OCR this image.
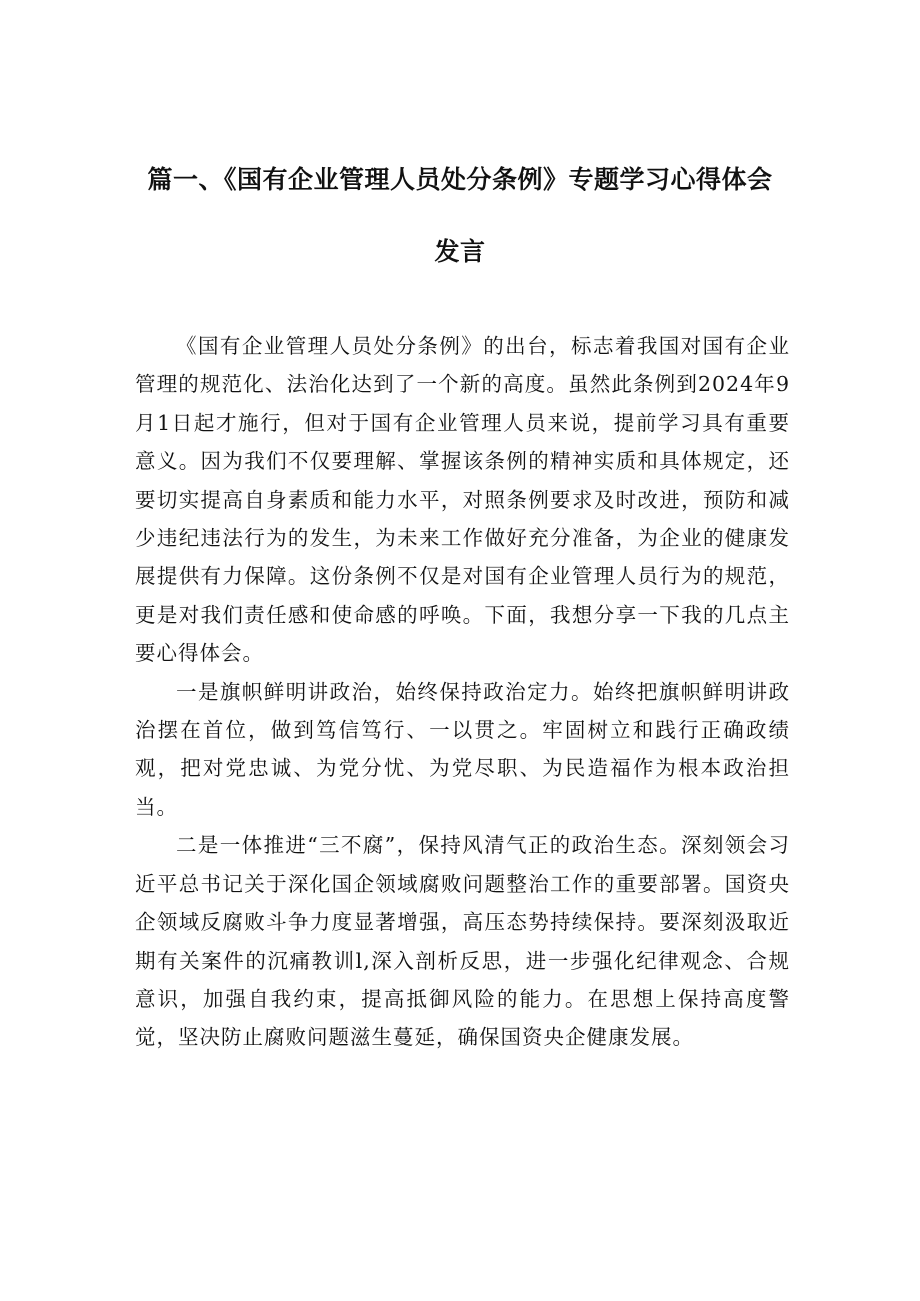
篇一、《国有企业管理人员处分条例》专题学习心得体会
发言

《国有企业管理人员处分条例》的出台，标志着我国对国有企业管理的规范化、法治化达到了一个新的高度。虽然此条例到2024年9月1日起才施行，但对于国有企业管理人员来说，提前学习具有重要意义。因为我们不仅要理解、掌握该条例的精神实质和具体规定，还要切实提高自身素质和能力水平，对照条例要求及时改进，预防和减少违纪违法行为的发生，为未来工作做好充分准备，为企业的健康发展提供有力保障。这份条例不仅是对国有企业管理人员行为的规范，更是对我们责任感和使命感的呼唤。下面，我想分享一下我的几点主要心得体会。

一是旗帜鲜明讲政治，始终保持政治定力。始终把旗帜鲜明讲政治摆在首位，做到笃信笃行、一以贯之。牢固树立和践行正确政绩观，把对党忠诚、为党分忧、为党尽职、为民造福作为根本政治担当。

二是一体推进“三不腐”，保持风清气正的政治生态。深刻领会习近平总书记关于深化国企领域腐败问题整治工作的重要部署。国资央企领域反腐败斗争力度显著增强，高压态势持续保持。要深刻汲取近期有关案件的沉痛教训l,深入剖析反思，进一步强化纪律观念、合规意识，加强自我约束，提高抵御风险的能力。在思想上保持高度警觉，坚决防止腐败问题滋生蔓延，确保国资央企健康发展。
